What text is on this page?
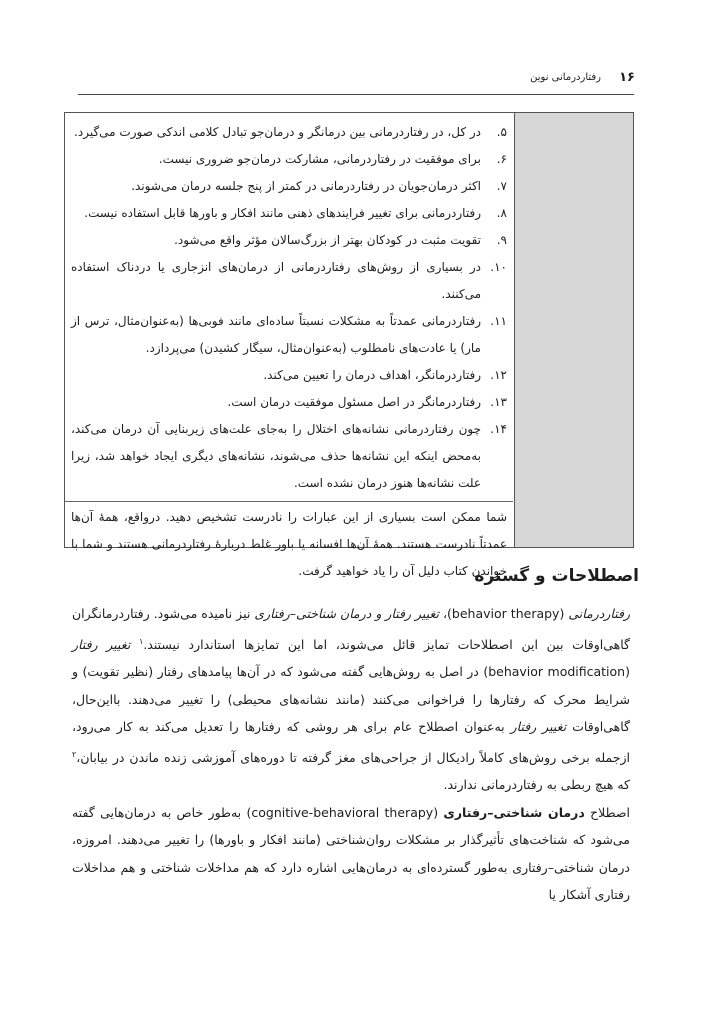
١۶
رفتاردرمانی نوین
۵.
در کل، در رفتاردرمانی بین درمانگر و درمان‌جو تبادل کلامی اندکی صورت می‌گیرد.
۶.
برای موفقیت در رفتاردرمانی، مشارکت درمان‌جو ضروری نیست.
۷.
اکثر درمان‌جویان در رفتاردرمانی در کمتر از پنج جلسه درمان می‌شوند.
۸.
رفتاردرمانی برای تغییر فرایندهای ذهنی مانند افکار و باورها قابل استفاده نیست.
۹.
تقویت مثبت در کودکان بهتر از بزرگ‌سالان مؤثر واقع می‌شود.
۱۰.
در بسیاری از روش‌های رفتاردرمانی از درمان‌های انزجاری یا دردناک استفاده می‌کنند.
۱۱.
رفتاردرمانی عمدتاً به مشکلات نسبتاً ساده‌ای مانند فوبی‌ها (به‌عنوان‌مثال، ترس از مار) یا عادت‌های نامطلوب (به‌عنوان‌مثال، سیگار کشیدن) می‌پردازد.
۱۲.
رفتاردرمانگر، اهداف درمان را تعیین می‌کند.
۱۳.
رفتاردرمانگر در اصل مسئول موفقیت درمان است.
۱۴.
چون رفتاردرمانی نشانه‌های اختلال را به‌جای علت‌های زیربنایی آن درمان می‌کند، به‌محض اینکه این نشانه‌ها حذف می‌شوند، نشانه‌های دیگری ایجاد خواهد شد، زیرا علت نشانه‌ها هنوز درمان نشده است.
شما ممکن است بسیاری از این عبارات را نادرست تشخیص دهید. درواقع، همهٔ آن‌ها عمدتاً نادرست هستند. همهٔ آن‌ها افسانه یا باور غلط دربارهٔ رفتاردرمانی هستند و شما با خواندن کتاب دلیل آن را یاد خواهید گرفت.
اصطلاحات و گستره

رفتاردرمانی (behavior therapy)، تغییر رفتار و درمان شناختی–رفتاری نیز نامیده می‌شود. رفتاردرمانگران گاهی‌اوقات بین این اصطلاحات تمایز قائل می‌شوند، اما این تمایزها استاندارد نیستند.$^۱$ تغییر رفتار (behavior modification) در اصل به روش‌هایی گفته می‌شود که در آن‌ها پیامدهای رفتار (نظیر تقویت) و شرایط محرک که رفتارها را فراخوانی می‌کنند (مانند نشانه‌های محیطی) را تغییر می‌دهند. بااین‌حال، گاهی‌اوقات تغییر رفتار به‌عنوان اصطلاح عام برای هر روشی که رفتارها را تعدیل می‌کند به کار می‌رود، ازجمله برخی روش‌های کاملاً رادیکال از جراحی‌های مغز گرفته تا دوره‌های آموزشی زنده ماندن در بیابان،$^۲$ که هیچ ربطی به رفتاردرمانی ندارند.

اصطلاح درمان شناختی–رفتاری (cognitive-behavioral therapy) به‌طور خاص به درمان‌هایی گفته می‌شود که شناخت‌های تأثیرگذار بر مشکلات روان‌شناختی (مانند افکار و باورها) را تغییر می‌دهند. امروزه، درمان شناختی–رفتاری به‌طور گسترده‌ای به درمان‌هایی اشاره دارد که هم مداخلات شناختی و هم مداخلات رفتاری آشکار یا
